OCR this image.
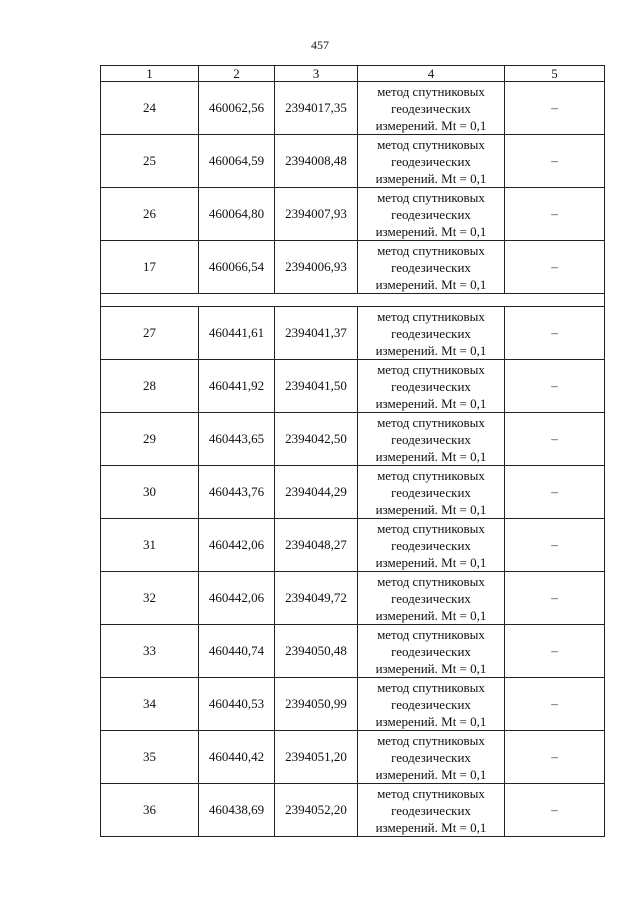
457
1	2	3	4	5
24	460062,56	2394017,35	метод спутниковых
геодезических
измерений. Mt = 0,1	–
25	460064,59	2394008,48	метод спутниковых
геодезических
измерений. Mt = 0,1	–
26	460064,80	2394007,93	метод спутниковых
геодезических
измерений. Mt = 0,1	–
17	460066,54	2394006,93	метод спутниковых
геодезических
измерений. Mt = 0,1	–

27	460441,61	2394041,37	метод спутниковых
геодезических
измерений. Mt = 0,1	–
28	460441,92	2394041,50	метод спутниковых
геодезических
измерений. Mt = 0,1	–
29	460443,65	2394042,50	метод спутниковых
геодезических
измерений. Mt = 0,1	–
30	460443,76	2394044,29	метод спутниковых
геодезических
измерений. Mt = 0,1	–
31	460442,06	2394048,27	метод спутниковых
геодезических
измерений. Mt = 0,1	–
32	460442,06	2394049,72	метод спутниковых
геодезических
измерений. Mt = 0,1	–
33	460440,74	2394050,48	метод спутниковых
геодезических
измерений. Mt = 0,1	–
34	460440,53	2394050,99	метод спутниковых
геодезических
измерений. Mt = 0,1	–
35	460440,42	2394051,20	метод спутниковых
геодезических
измерений. Mt = 0,1	–
36	460438,69	2394052,20	метод спутниковых
геодезических
измерений. Mt = 0,1	–
